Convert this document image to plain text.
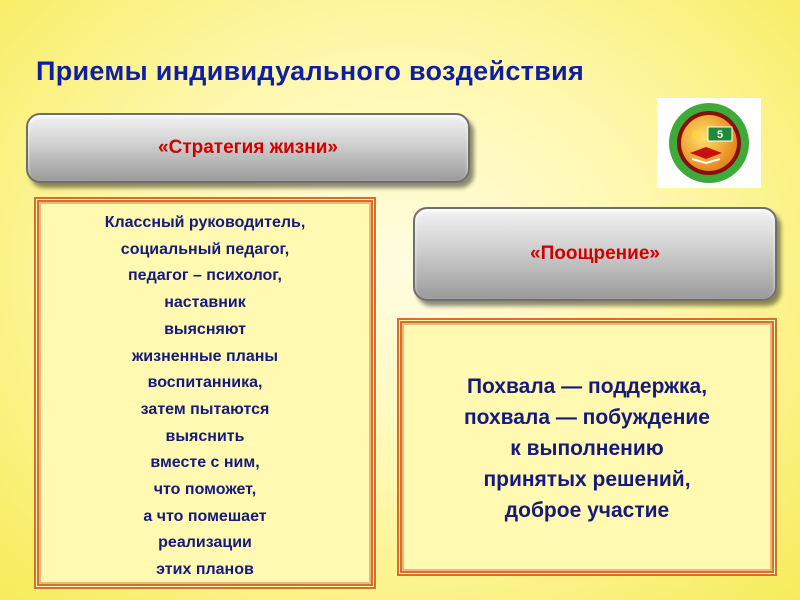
Приемы индивидуального воздействия
«Стратегия жизни»
5

Классный руководитель,

социальный педагог,

педагог – психолог,

наставник

выясняют

жизненные планы

воспитанника,

затем пытаются

выяснить

вместе с ним,

что поможет,

а что помешает

реализации

этих планов

«Поощрение»

Похвала — поддержка,

похвала — побуждение

к выполнению

принятых решений,

доброе участие
